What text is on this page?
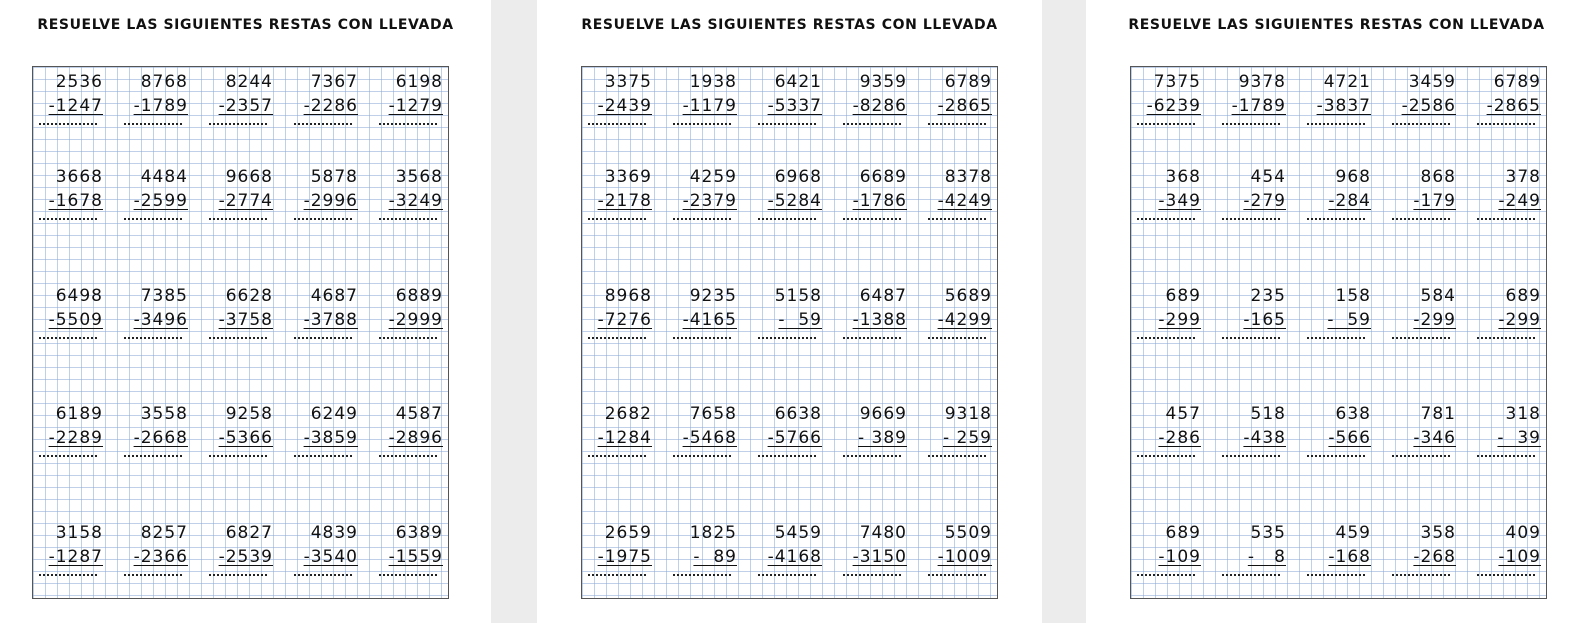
RESUELVE LAS SIGUIENTES RESTAS CON LLEVADA
2536
-1247
8768
-1789
8244
-2357
7367
-2286
6198
-1279
3668
-1678
4484
-2599
9668
-2774
5878
-2996
3568
-3249
6498
-5509
7385
-3496
6628
-3758
4687
-3788
6889
-2999
6189
-2289
3558
-2668
9258
-5366
6249
-3859
4587
-2896
3158
-1287
8257
-2366
6827
-2539
4839
-3540
6389
-1559
RESUELVE LAS SIGUIENTES RESTAS CON LLEVADA
3375
-2439
1938
-1179
6421
-5337
9359
-8286
6789
-2865
3369
-2178
4259
-2379
6968
-5284
6689
-1786
8378
-4249
8968
-7276
9235
-4165
5158
-  59
6487
-1388
5689
-4299
2682
-1284
7658
-5468
6638
-5766
9669
- 389
9318
- 259
2659
-1975
1825
-  89
5459
-4168
7480
-3150
5509
-1009
RESUELVE LAS SIGUIENTES RESTAS CON LLEVADA
7375
-6239
9378
-1789
4721
-3837
3459
-2586
6789
-2865
368
-349
454
-279
968
-284
868
-179
378
-249
689
-299
235
-165
158
-  59
584
-299
689
-299
457
-286
518
-438
638
-566
781
-346
318
-  39
689
-109
535
-   8
459
-168
358
-268
409
-109
